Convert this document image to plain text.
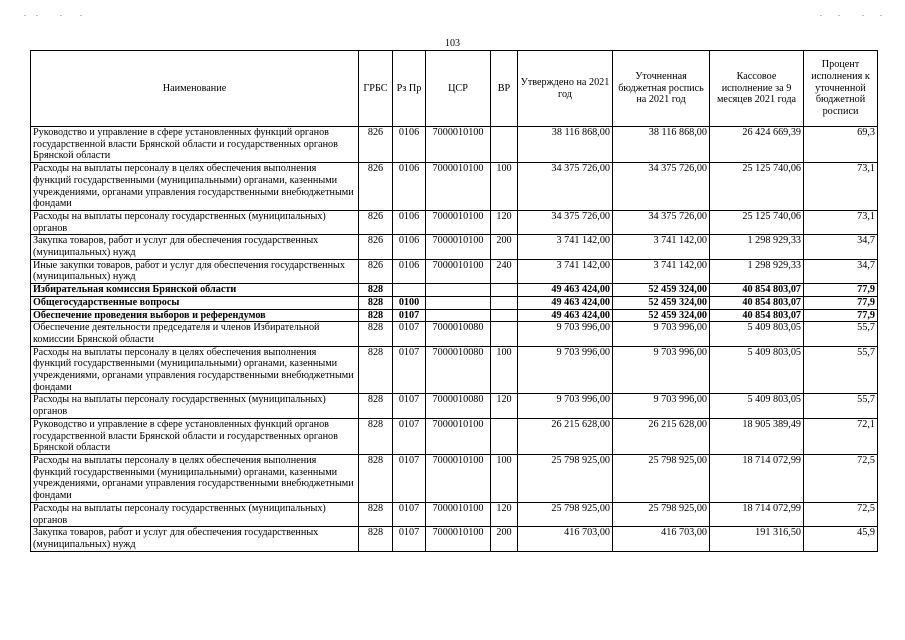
103
Наименование	ГРБС	Рз Пр	ЦСР	ВР	Утверждено на 2021 год	Уточненная бюджетная роспись на 2021 год	Кассовое исполнение за 9 месяцев 2021 года	Процент исполнения к уточненной бюджетной росписи
Руководство и управление в сфере установленных функций органов государственной власти Брянской области и государственных органов Брянской области	826	0106	7000010100		38 116 868,00	38 116 868,00	26 424 669,39	69,3
Расходы на выплаты персоналу в целях обеспечения выполнения функций государственными (муниципальными) органами, казенными учреждениями, органами управления государственными внебюджетными фондами	826	0106	7000010100	100	34 375 726,00	34 375 726,00	25 125 740,06	73,1
Расходы на выплаты персоналу государственных (муниципальных) органов	826	0106	7000010100	120	34 375 726,00	34 375 726,00	25 125 740,06	73,1
Закупка товаров, работ и услуг для обеспечения государственных (муниципальных) нужд	826	0106	7000010100	200	3 741 142,00	3 741 142,00	1 298 929,33	34,7
Иные закупки товаров, работ и услуг для обеспечения государственных (муниципальных) нужд	826	0106	7000010100	240	3 741 142,00	3 741 142,00	1 298 929,33	34,7
Избирательная комиссия Брянской области	828				49 463 424,00	52 459 324,00	40 854 803,07	77,9
Общегосударственные вопросы	828	0100			49 463 424,00	52 459 324,00	40 854 803,07	77,9
Обеспечение проведения выборов и референдумов	828	0107			49 463 424,00	52 459 324,00	40 854 803,07	77,9
Обеспечение деятельности председателя и членов Избирательной комиссии Брянской области	828	0107	7000010080		9 703 996,00	9 703 996,00	5 409 803,05	55,7
Расходы на выплаты персоналу в целях обеспечения выполнения функций государственными (муниципальными) органами, казенными учреждениями, органами управления государственными внебюджетными фондами	828	0107	7000010080	100	9 703 996,00	9 703 996,00	5 409 803,05	55,7
Расходы на выплаты персоналу государственных (муниципальных) органов	828	0107	7000010080	120	9 703 996,00	9 703 996,00	5 409 803,05	55,7
Руководство и управление в сфере установленных функций органов государственной власти Брянской области и государственных органов Брянской области	828	0107	7000010100		26 215 628,00	26 215 628,00	18 905 389,49	72,1
Расходы на выплаты персоналу в целях обеспечения выполнения функций государственными (муниципальными) органами, казенными учреждениями, органами управления государственными внебюджетными фондами	828	0107	7000010100	100	25 798 925,00	25 798 925,00	18 714 072,99	72,5
Расходы на выплаты персоналу государственных (муниципальных) органов	828	0107	7000010100	120	25 798 925,00	25 798 925,00	18 714 072,99	72,5
Закупка товаров, работ и услуг для обеспечения государственных (муниципальных) нужд	828	0107	7000010100	200	416 703,00	416 703,00	191 316,50	45,9
